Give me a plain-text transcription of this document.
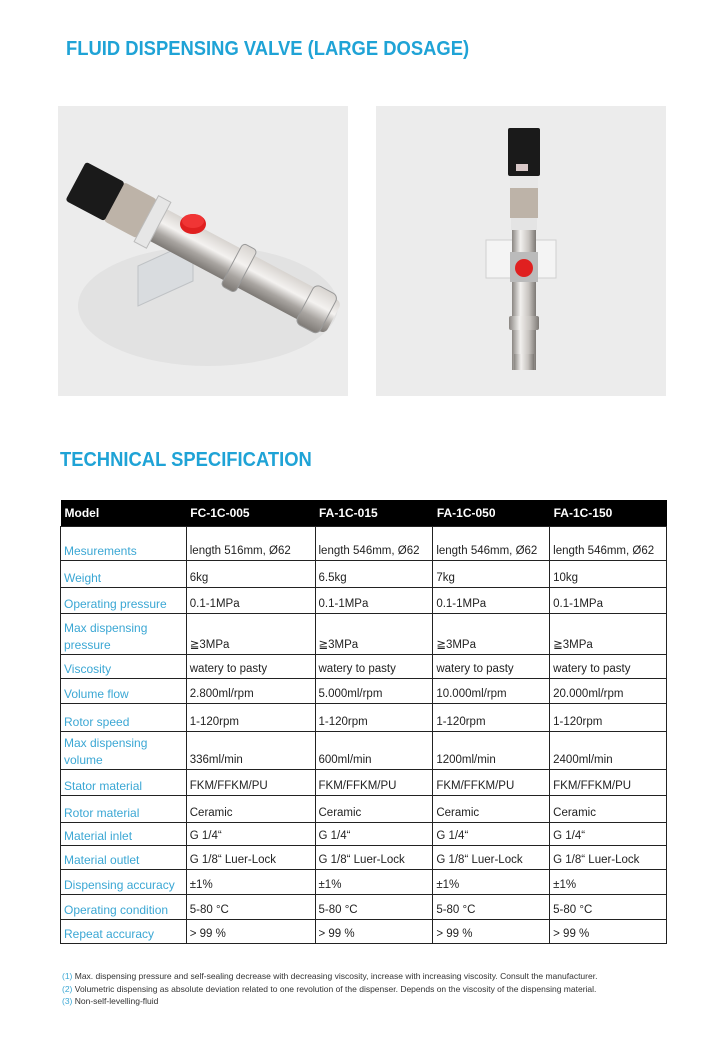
FLUID DISPENSING VALVE (LARGE DOSAGE)
TECHNICAL SPECIFICATION
Model	FC-1C-005	FA-1C-015	FA-1C-050	FA-1C-150
Mesurements	length 516mm, Ø62	length 546mm, Ø62	length 546mm, Ø62	length 546mm, Ø62
Weight	6kg	6.5kg	7kg	10kg
Operating pressure	0.1-1MPa	0.1-1MPa	0.1-1MPa	0.1-1MPa
Max dispensing pressure	≧3MPa	≧3MPa	≧3MPa	≧3MPa
Viscosity	watery to pasty	watery to pasty	watery to pasty	watery to pasty
Volume flow	2.800ml/rpm	5.000ml/rpm	10.000ml/rpm	20.000ml/rpm
Rotor speed	1-120rpm	1-120rpm	1-120rpm	1-120rpm
Max dispensing volume	336ml/min	600ml/min	1200ml/min	2400ml/min
Stator material	FKM/FFKM/PU	FKM/FFKM/PU	FKM/FFKM/PU	FKM/FFKM/PU
Rotor material	Ceramic	Ceramic	Ceramic	Ceramic
Material inlet	G 1/4“	G 1/4“	G 1/4“	G 1/4“
Material outlet	G 1/8“ Luer-Lock	G 1/8“ Luer-Lock	G 1/8“ Luer-Lock	G 1/8“ Luer-Lock
Dispensing accuracy	±1%	±1%	±1%	±1%
Operating condition	5-80 °C	5-80 °C	5-80 °C	5-80 °C
Repeat accuracy	> 99 %	> 99 %	> 99 %	> 99 %
(1) Max. dispensing pressure and self-sealing decrease with decreasing viscosity, increase with increasing viscosity. Consult the manufacturer.
(2) Volumetric dispensing as absolute deviation related to one revolution of the dispenser. Depends on the viscosity of the dispensing material.
(3) Non-self-levelling-fluid
